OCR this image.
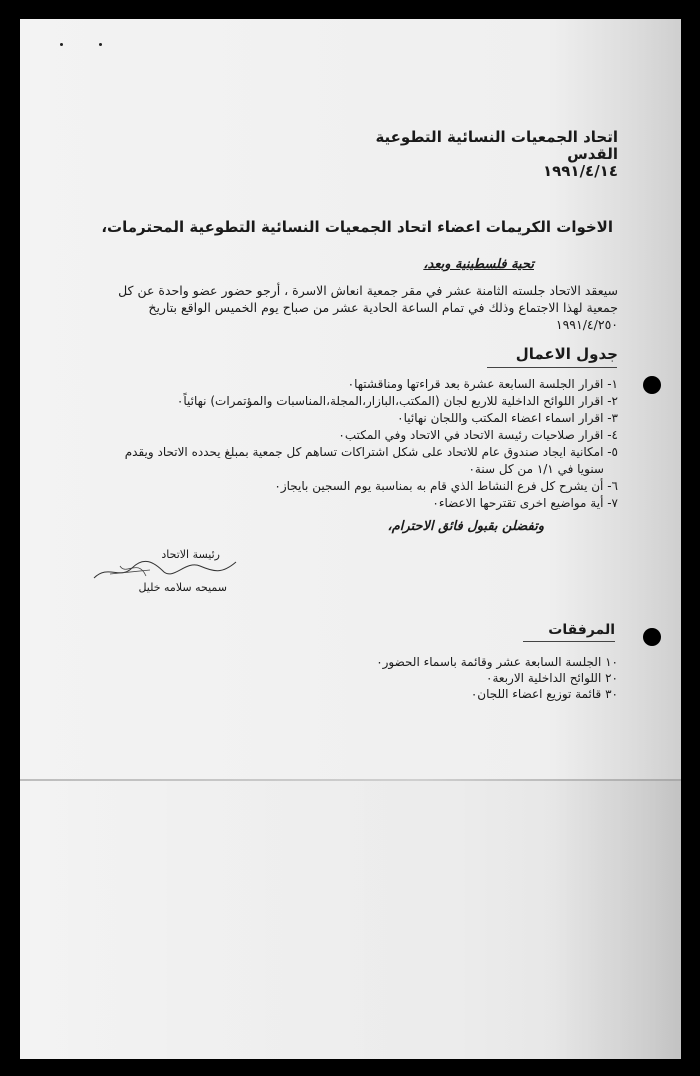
اتحاد الجمعيات النسائية التطوعية
القدس
١٩٩١/٤/١٤
الاخوات الكريمات اعضاء اتحاد الجمعيات النسائية التطوعية المحترمات،
تحية فلسطينية وبعد،
سيعقد الاتحاد جلسته الثامنة عشر في مقر جمعية انعاش الاسرة ، أرجو حضور عضو واحدة عن كل
جمعية لهذا الاجتماع وذلك في تمام الساعة الحادية عشر من صباح يوم الخميس الواقع بتاريخ
١٩٩١/٤/٢٥٠
جدول الاعمال
١- اقرار الجلسة السابعة عشرة بعد قراءتها ومناقشتها٠
٢- اقرار اللوائح الداخلية للاربع لجان (المكتب،البازار،المجلة،المناسبات والمؤتمرات) نهائياً٠
٣- اقرار اسماء اعضاء المكتب واللجان نهائيا٠
٤- اقرار صلاحيات رئيسة الاتحاد في الاتحاد وفي المكتب٠
٥- امكانية ايجاد صندوق عام للاتحاد على شكل اشتراكات تساهم كل جمعية بمبلغ يحدده الاتحاد ويقدم
سنويا في ١/١ من كل سنة٠
٦- أن يشرح كل فرع النشاط الذي قام به بمناسبة يوم السجين بايجاز٠
٧- أية مواضيع اخرى تقترحها الاعضاء٠
وتفضلن بقبول فائق الاحترام،
رئيسة الاتحاد
سميحه سلامه خليل
المرفقات
١٠ الجلسة السابعة عشر وقائمة باسماء الحضور٠
٢٠ اللوائح الداخلية الاربعة٠
٣٠ قائمة توزيع اعضاء اللجان٠
